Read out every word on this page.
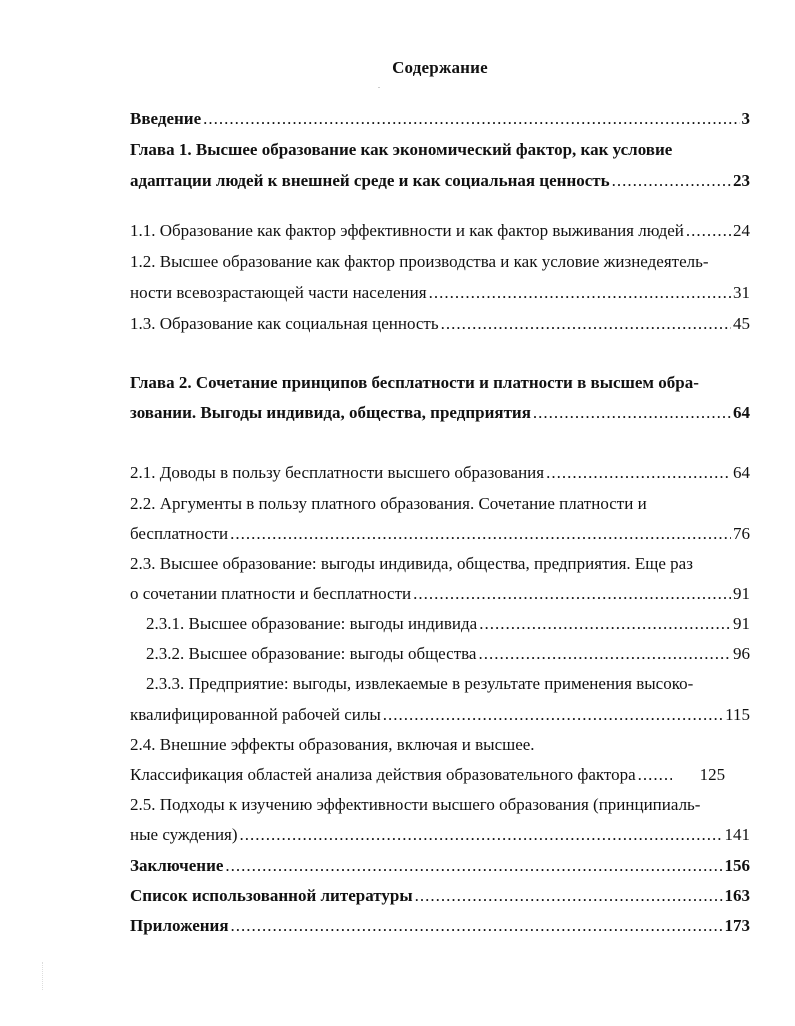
Содержание
Введение .....	3
Глава 1. Высшее образование как экономический фактор, как условие
адаптации людей к внешней среде и как социальная ценность .....	23
1.1. Образование как фактор эффективности и как фактор выживания людей .....	24
1.2. Высшее образование как фактор производства и как условие жизнедеятель-
ности всевозрастающей части населения .....	31
1.3. Образование как социальная ценность .....	45
Глава 2. Сочетание принципов бесплатности и платности в высшем обра-
зовании. Выгоды индивида, общества, предприятия .....	64
2.1. Доводы в пользу бесплатности высшего образования .....	64
2.2. Аргументы в пользу платного образования. Сочетание платности и
бесплатности .....	76
2.3. Высшее образование: выгоды индивида, общества, предприятия. Еще раз
о сочетании платности и бесплатности .....	91
2.3.1. Высшее образование: выгоды индивида .....	91
2.3.2. Высшее образование: выгоды общества .....	96
2.3.3. Предприятие: выгоды, извлекаемые в результате применения высоко-
квалифицированной рабочей силы .....	115
2.4. Внешние эффекты образования, включая и высшее.
Классификация областей анализа действия образовательного фактора .....	125
2.5. Подходы к изучению эффективности высшего образования (принципиаль-
ные суждения) .....	141
Заключение .....	156
Список использованной литературы .....	163
Приложения .....	173
